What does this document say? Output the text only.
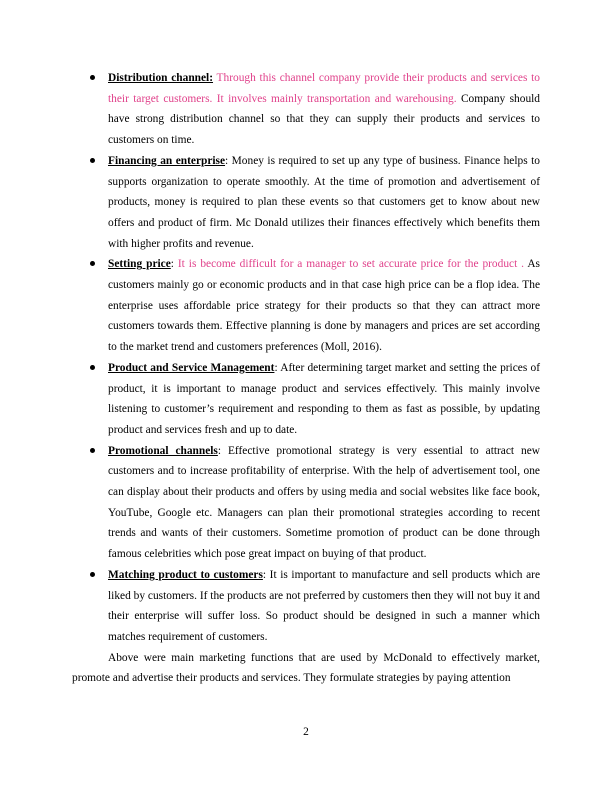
Distribution channel: Through this channel company provide their products and services to their target customers. It involves mainly transportation and warehousing. Company should have strong distribution channel so that they can supply their products and services to customers on time.
Financing an enterprise: Money is required to set up any type of business. Finance helps to supports organization to operate smoothly. At the time of promotion and advertisement of products, money is required to plan these events so that customers get to know about new offers and product of firm. Mc Donald utilizes their finances effectively which benefits them with higher profits and revenue.
Setting price: It is become difficult for a manager to set accurate price for the product . As customers mainly go or economic products and in that case high price can be a flop idea. The enterprise uses affordable price strategy for their products so that they can attract more customers towards them. Effective planning is done by managers and prices are set according to the market trend and customers preferences (Moll, 2016).
Product and Service Management: After determining target market and setting the prices of product, it is important to manage product and services effectively. This mainly involve listening to customer’s requirement and responding to them as fast as possible, by updating product and services fresh and up to date.
Promotional channels: Effective promotional strategy is very essential to attract new customers and to increase profitability of enterprise. With the help of advertisement tool, one can display about their products and offers by using media and social websites like face book, YouTube, Google etc. Managers can plan their promotional strategies according to recent trends and wants of their customers. Sometime promotion of product can be done through famous celebrities which pose great impact on buying of that product.
Matching product to customers: It is important to manufacture and sell products which are liked by customers. If the products are not preferred by customers then they will not buy it and their enterprise will suffer loss. So product should be designed in such a manner which matches requirement of customers.

Above were main marketing functions that are used by McDonald to effectively market, promote and advertise their products and services. They formulate strategies by paying attention

2
